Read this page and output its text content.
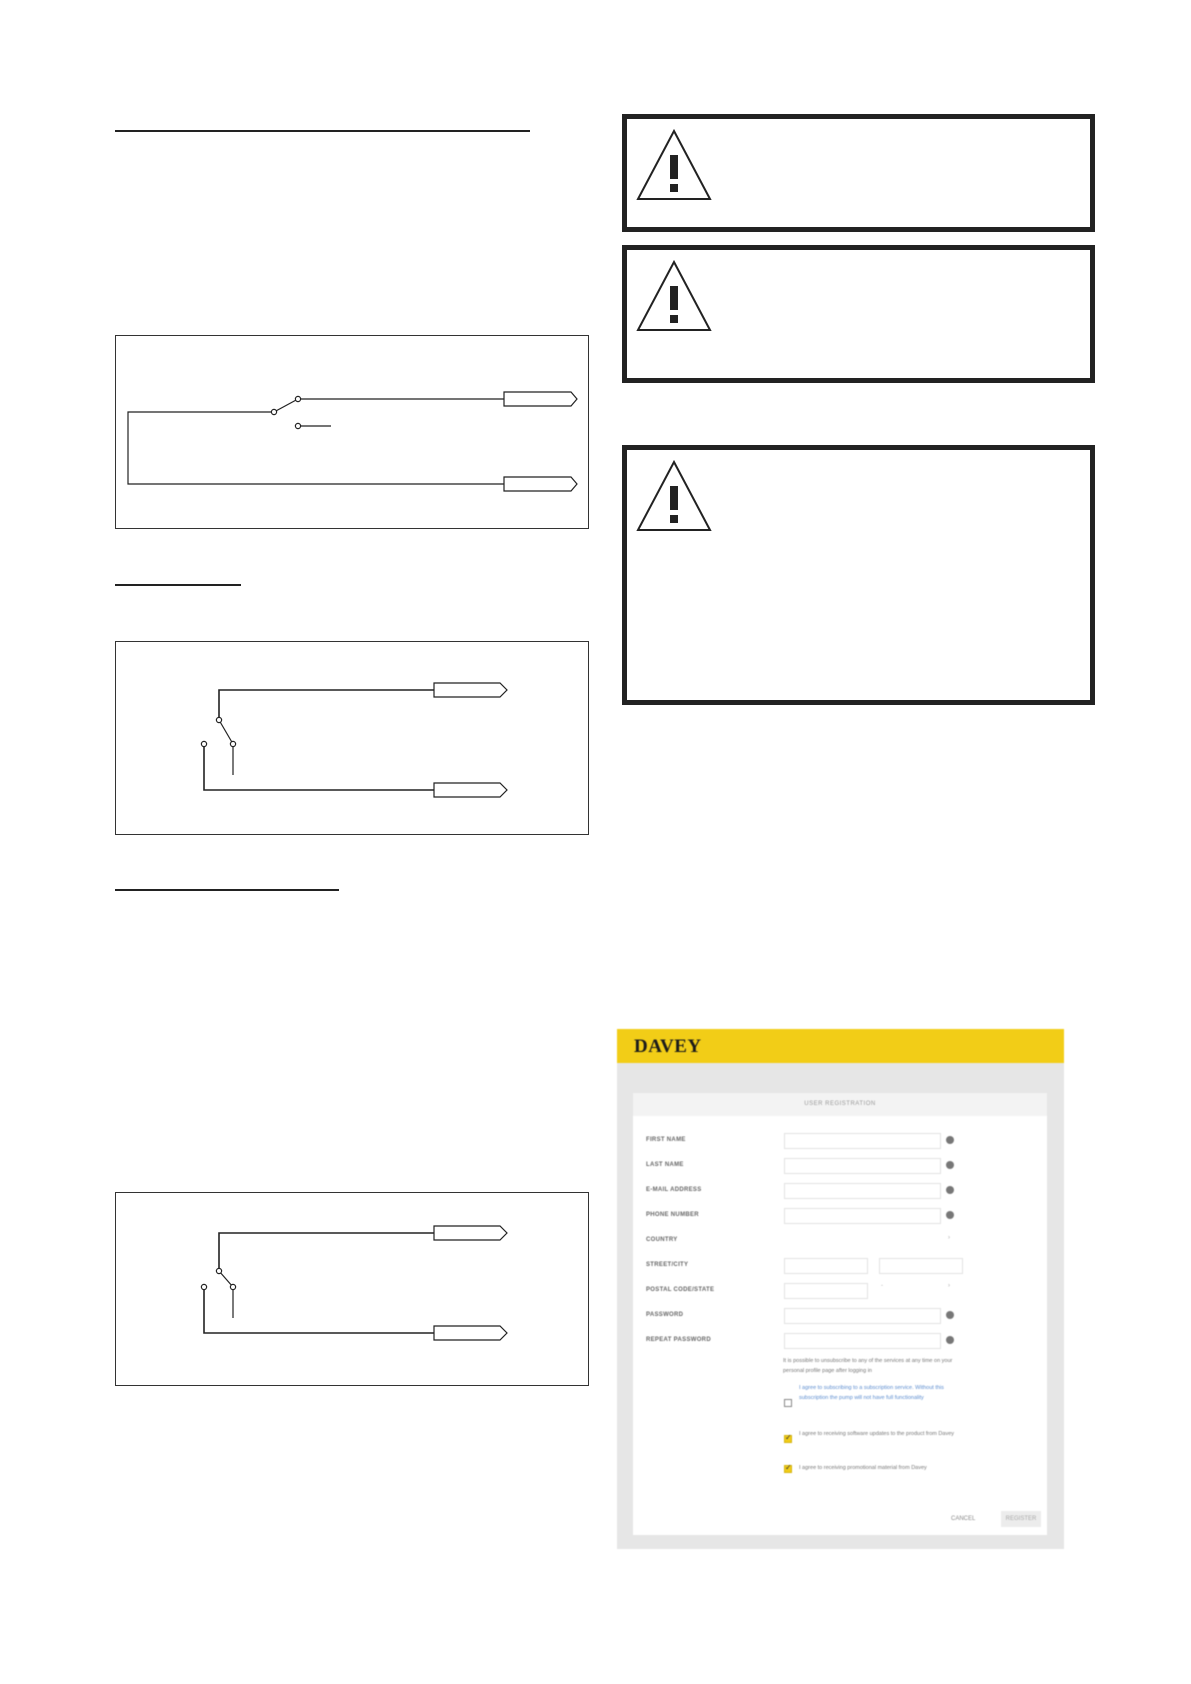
DAVEY
USER REGISTRATION
FIRST NAME
LAST NAME
E-MAIL ADDRESS
PHONE NUMBER
COUNTRY	›
STREET/CITY
POSTAL CODE/STATE
-	›
PASSWORD
REPEAT PASSWORD
It is possible to unsubscribe to any of the services at any time on your personal profile page after logging in
I agree to subscribing to a subscription service. Without this subscription the pump will not have full functionality
✓
I agree to receiving software updates to the product from Davey
✓
I agree to receiving promotional material from Davey
CANCEL	REGISTER
